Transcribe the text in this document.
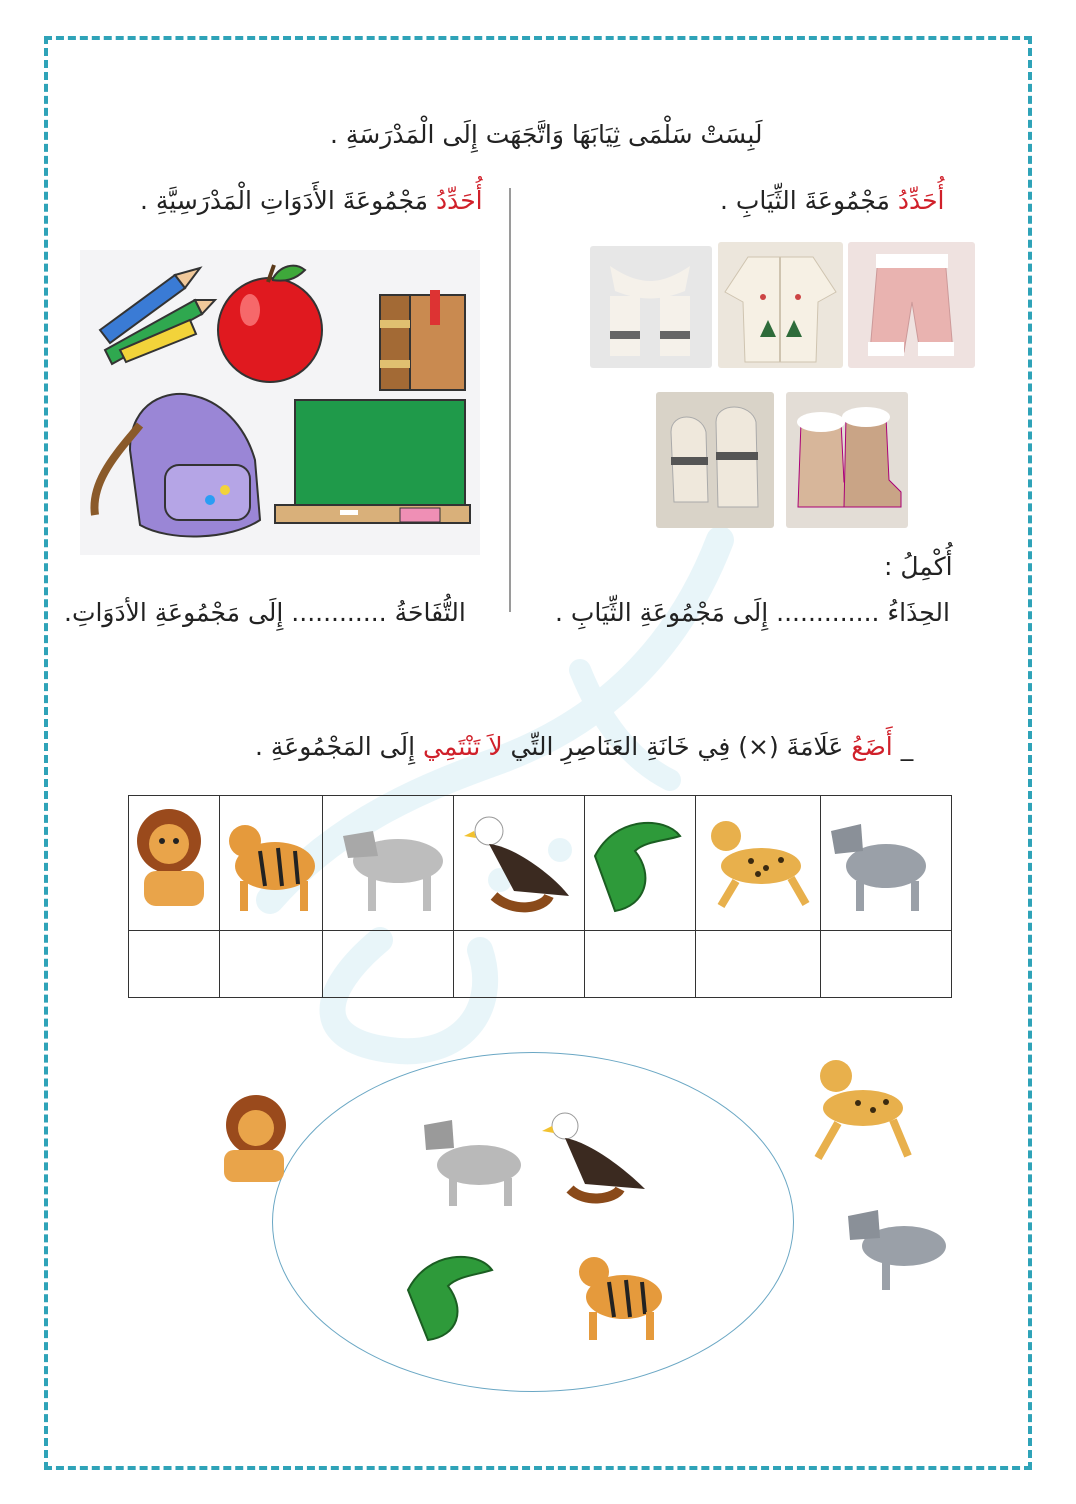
لَبِسَتْ سَلْمَى ثِيَابَهَا وَاتَّجَهَت إِلَى الْمَدْرَسَةِ .
أُحَدِّدُ مَجْمُوعَةَ الثِّيَابِ .
أُحَدِّدُ مَجْمُوعَةَ الأَدَوَاتِ الْمَدْرَسِيَّةِ .
أُكْمِلُ :
الحِذَاءُ ............. إِلَى مَجْمُوعَةِ الثِّيَابِ .
التُّفَاحَةُ ............ إِلَى مَجْمُوعَةِ الأدَوَاتِ.
_ أَضَعُ عَلَامَةَ (×) فِي خَانَةِ العَنَاصِرِ التِّي لاَ تَنْتَمِي إِلَى المَجْمُوعَةِ .
